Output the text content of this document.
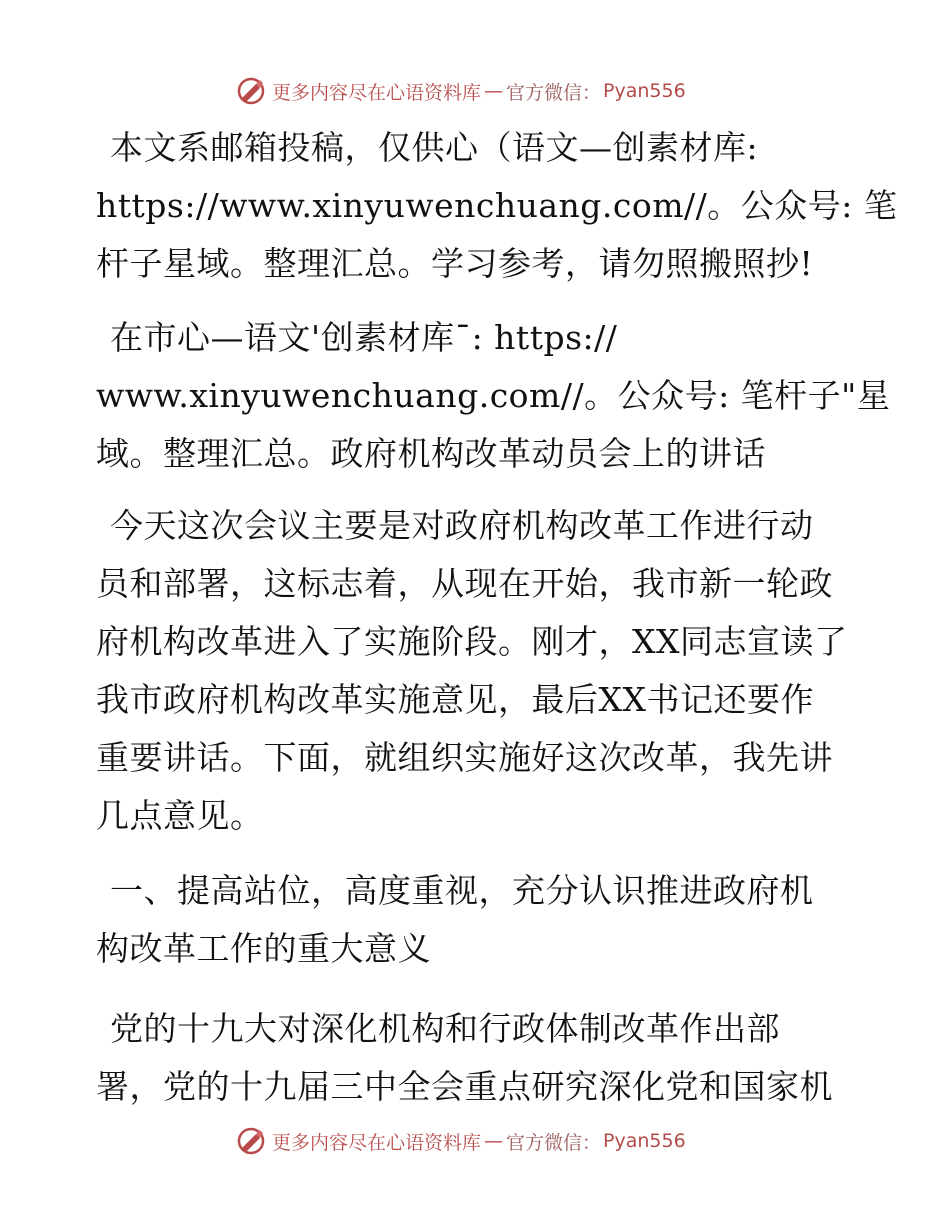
更多内容尽在心语资料库 — 官方微信： Pyan556
本文系邮箱投稿，仅供心（语文—创素材库:
https://www.xinyuwenchuang.com//。公众号: 笔
杆子星域。整理汇总。学习参考，请勿照搬照抄!
在市心—语文'创素材库¯: https://
www.xinyuwenchuang.com//。公众号: 笔杆子"星
域。整理汇总。政府机构改革动员会上的讲话
今天这次会议主要是对政府机构改革工作进行动
员和部署，这标志着，从现在开始，我市新一轮政
府机构改革进入了实施阶段。刚才，XX同志宣读了
我市政府机构改革实施意见，最后XX书记还要作
重要讲话。下面，就组织实施好这次改革，我先讲
几点意见。
一、提高站位，高度重视，充分认识推进政府机
构改革工作的重大意义
党的十九大对深化机构和行政体制改革作出部
署，党的十九届三中全会重点研究深化党和国家机
更多内容尽在心语资料库 — 官方微信： Pyan556
